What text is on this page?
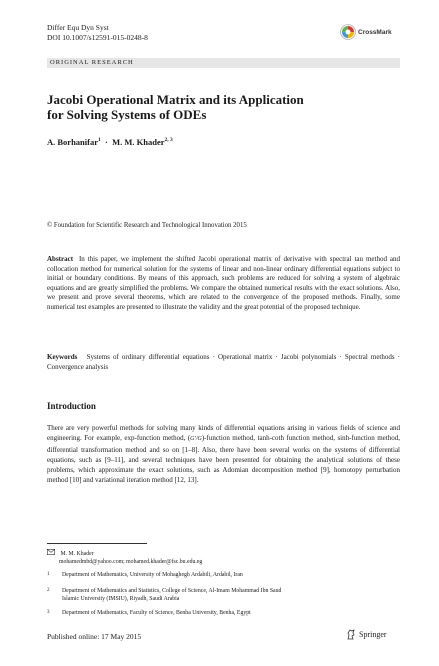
Differ Equ Dyn Syst
DOI 10.1007/s12591-015-0248-8
CrossMark
ORIGINAL RESEARCH
Jacobi Operational Matrix and its Application
for Solving Systems of ODEs
A. Borhanifar$^1$ · M. M. Khader$^{2, 3}$
© Foundation for Scientific Research and Technological Innovation 2015
Abstract In this paper, we implement the shifted Jacobi operational matrix of derivative with spectral tau method and collocation method for numerical solution for the systems of linear and non-linear ordinary differential equations subject to initial or boundary conditions. By means of this approach, such problems are reduced for solving a system of algebraic equations and are greatly simplified the problems. We compare the obtained numerical results with the exact solutions. Also, we present and prove several theorems, which are related to the convergence of the proposed methods. Finally, some numerical test examples are presented to illustrate the validity and the great potential of the proposed technique.
Keywords Systems of ordinary differential equations · Operational matrix · Jacobi polynomials · Spectral methods · Convergence analysis
Introduction
There are very powerful methods for solving many kinds of differential equations arising in various fields of science and engineering. For example, exp-function method, (G′/G)-function method, tanh-coth function method, sinh-function method, differential transformation method and so on [1–8]. Also, there have been several works on the systems of differential equations, such as [9–11], and several techniques have been presented for obtaining the analytical solutions of these problems, which approximate the exact solutions, such as Adomian decomposition method [9], homotopy perturbation method [10] and variational iteration method [12, 13].
M. M. Khader
mohamedmbd@yahoo.com; mohamed.khader@fsc.bu.edu.eg
1	Department of Mathematics, University of Mohaghegh Ardabili, Ardabil, Iran
2	Department of Mathematics and Statistics, College of Science, Al-Imam Mohammad Ibn Saud
Islamic University (IMSIU), Riyadh, Saudi Arabia
3	Department of Mathematics, Faculty of Science, Benha University, Benha, Egypt
Published online: 17 May 2015	Springer
